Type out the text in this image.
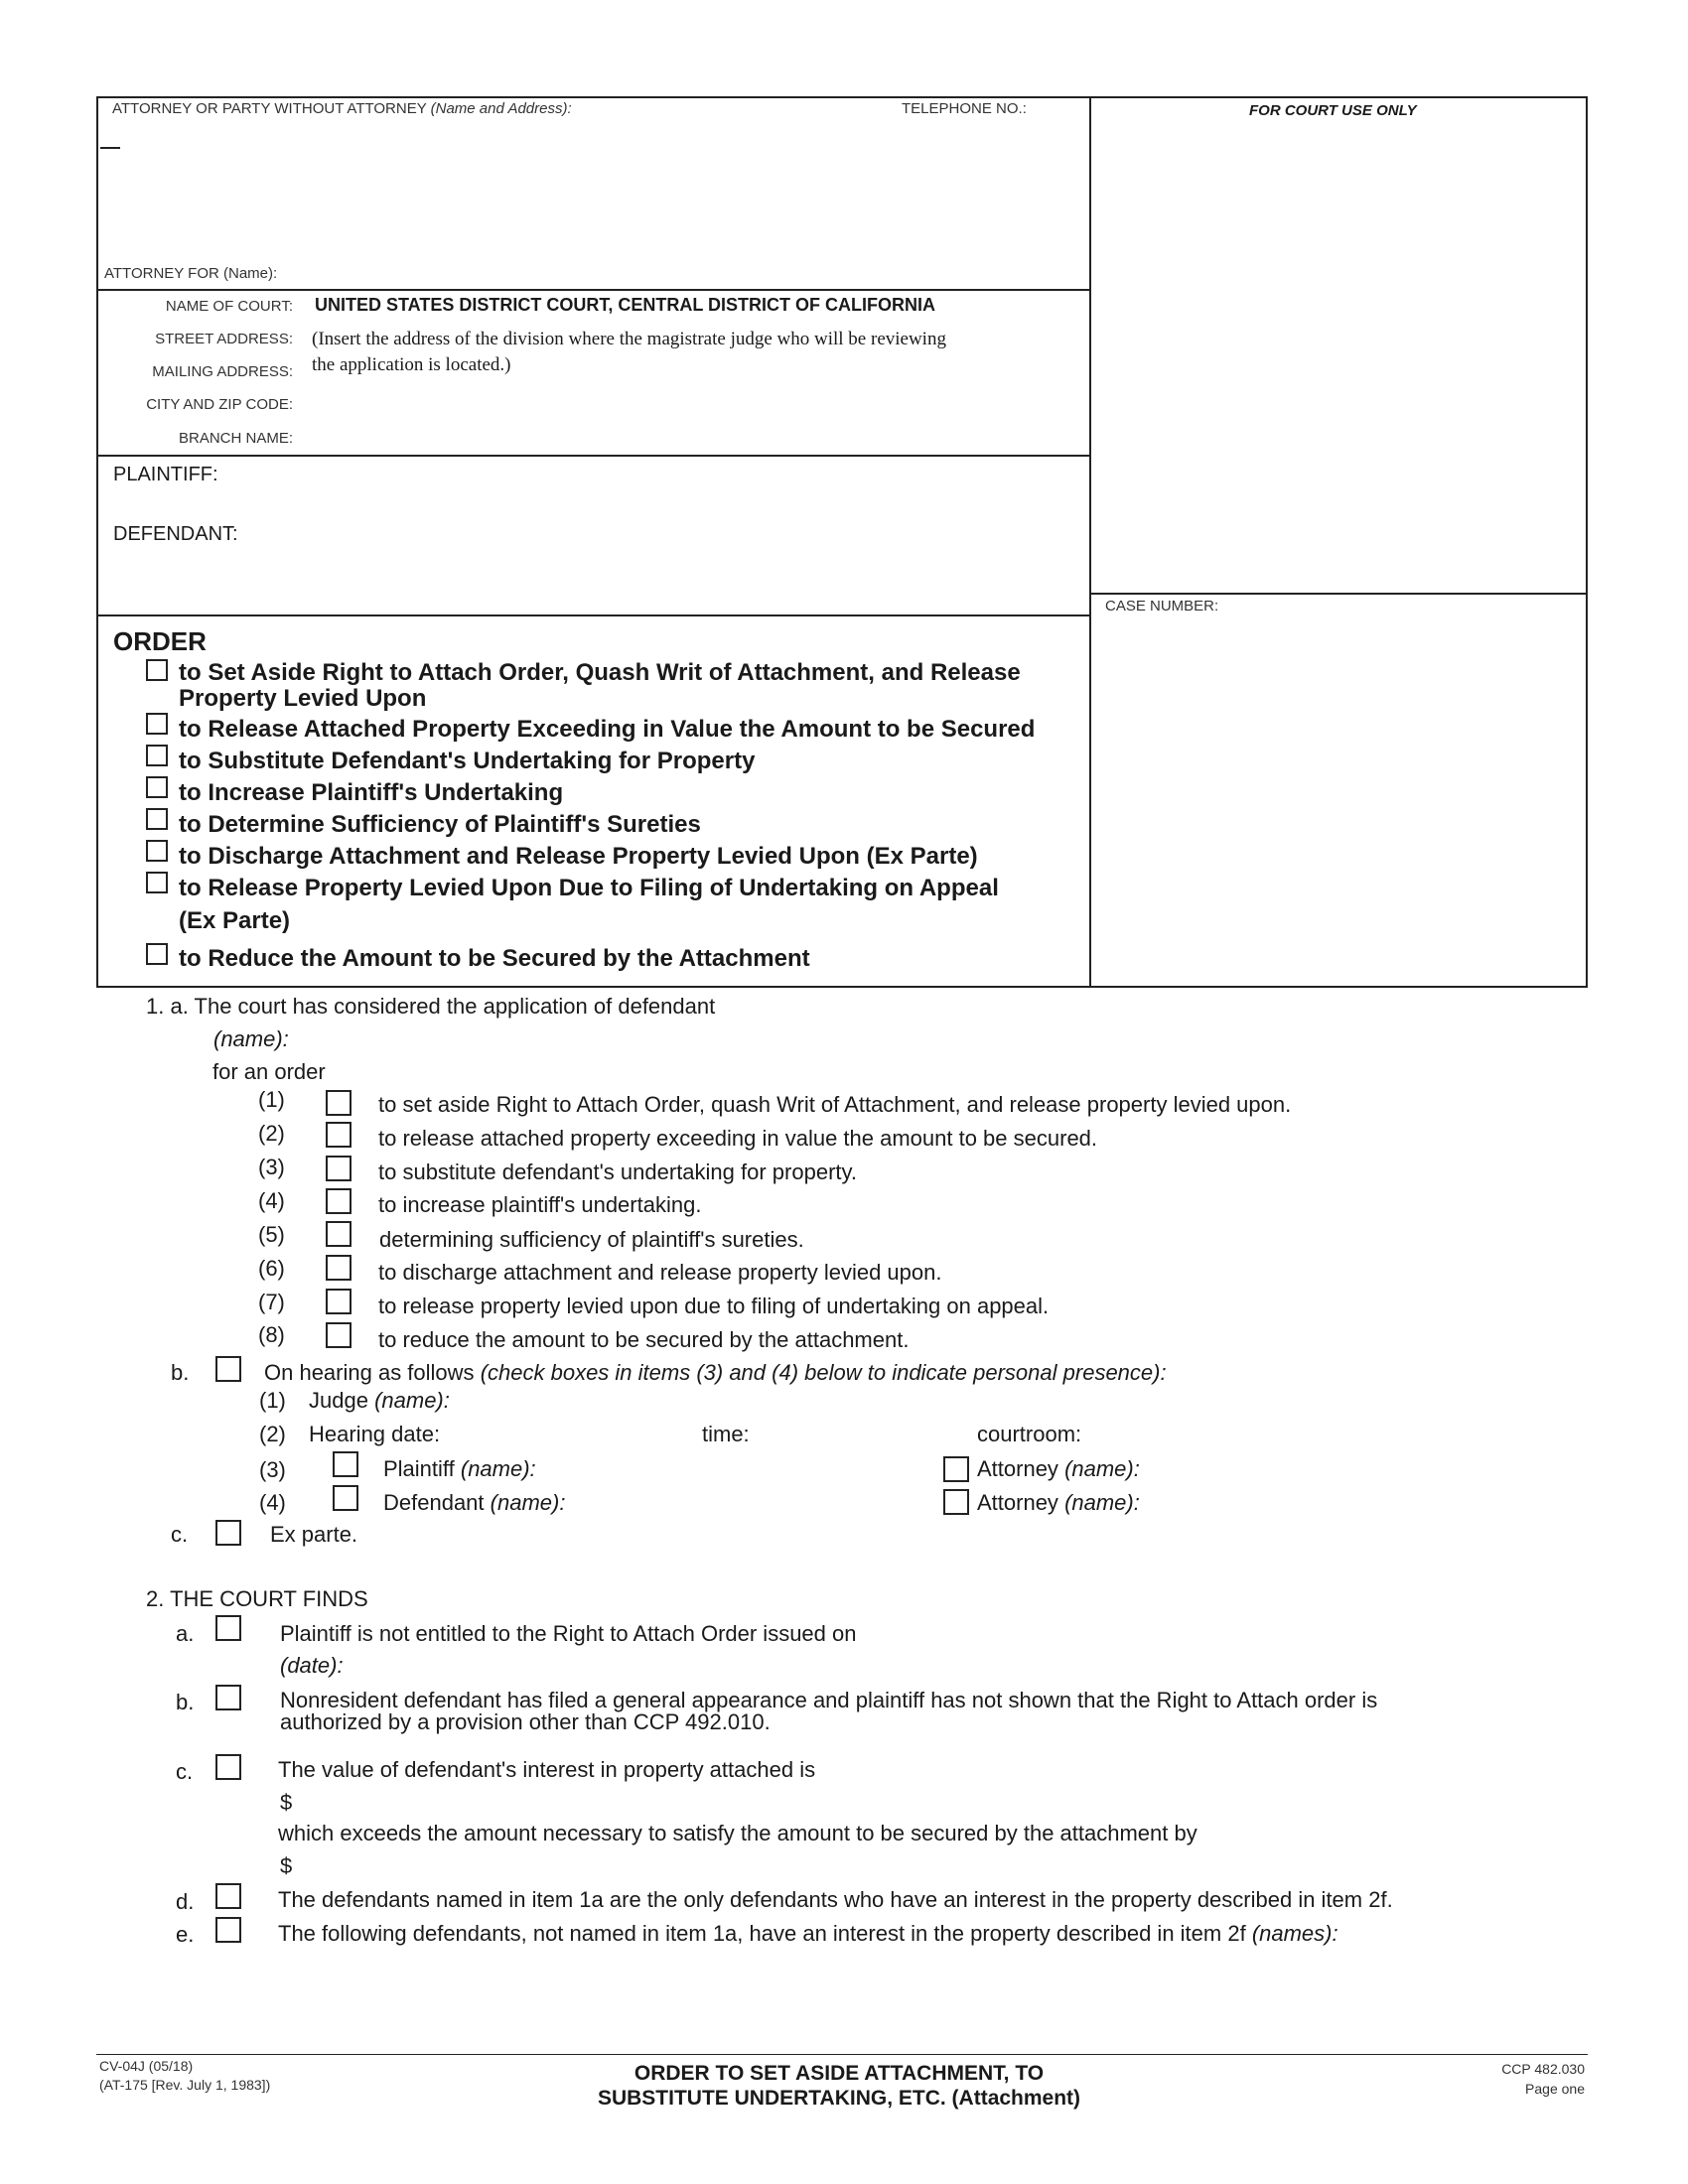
ATTORNEY OR PARTY WITHOUT ATTORNEY (Name and Address):	TELEPHONE NO.:
ATTORNEY FOR (Name):
FOR COURT USE ONLY
NAME OF COURT: UNITED STATES DISTRICT COURT, CENTRAL DISTRICT OF CALIFORNIA
STREET ADDRESS:
MAILING ADDRESS:
CITY AND ZIP CODE:
BRANCH NAME:
(Insert the address of the division where the magistrate judge who will be reviewing
the application is located.)
PLAINTIFF:
DEFENDANT:
CASE NUMBER:
ORDER
to Set Aside Right to Attach Order, Quash Writ of Attachment, and Release
Property Levied Upon
to Release Attached Property Exceeding in Value the Amount to be Secured
to Substitute Defendant's Undertaking for Property
to Increase Plaintiff's Undertaking
to Determine Sufficiency of Plaintiff's Sureties
to Discharge Attachment and Release Property Levied Upon (Ex Parte)
to Release Property Levied Upon Due to Filing of Undertaking on Appeal
(Ex Parte)
to Reduce the Amount to be Secured by the Attachment
1. a. The court has considered the application of defendant
(name):
for an order
(1)	to set aside Right to Attach Order, quash Writ of Attachment, and release property levied upon.
(2)	to release attached property exceeding in value the amount to be secured.
(3)	to substitute defendant's undertaking for property.
(4)	to increase plaintiff's undertaking.
(5)	determining sufficiency of plaintiff's sureties.
(6)	to discharge attachment and release property levied upon.
(7)	to release property levied upon due to filing of undertaking on appeal.
(8)	to reduce the amount to be secured by the attachment.
b.	On hearing as follows (check boxes in items (3) and (4) below to indicate personal presence):
(1) Judge (name):
(2) Hearing date:	time:	courtroom:
(3)	Plaintiff (name):	Attorney (name):
(4)	Defendant (name):	Attorney (name):
c.	Ex parte.
2. THE COURT FINDS
a.	Plaintiff is not entitled to the Right to Attach Order issued on
(date):
b.	Nonresident defendant has filed a general appearance and plaintiff has not shown that the Right to Attach order is
authorized by a provision other than CCP 492.010.
c.	The value of defendant's interest in property attached is
$
which exceeds the amount necessary to satisfy the amount to be secured by the attachment by
$
d.	The defendants named in item 1a are the only defendants who have an interest in the property described in item 2f.
e.	The following defendants, not named in item 1a, have an interest in the property described in item 2f (names):
CV-04J (05/18)
(AT-175 [Rev. July 1, 1983])	ORDER TO SET ASIDE ATTACHMENT, TO
SUBSTITUTE UNDERTAKING, ETC. (Attachment)
CCP 482.030
Page one
